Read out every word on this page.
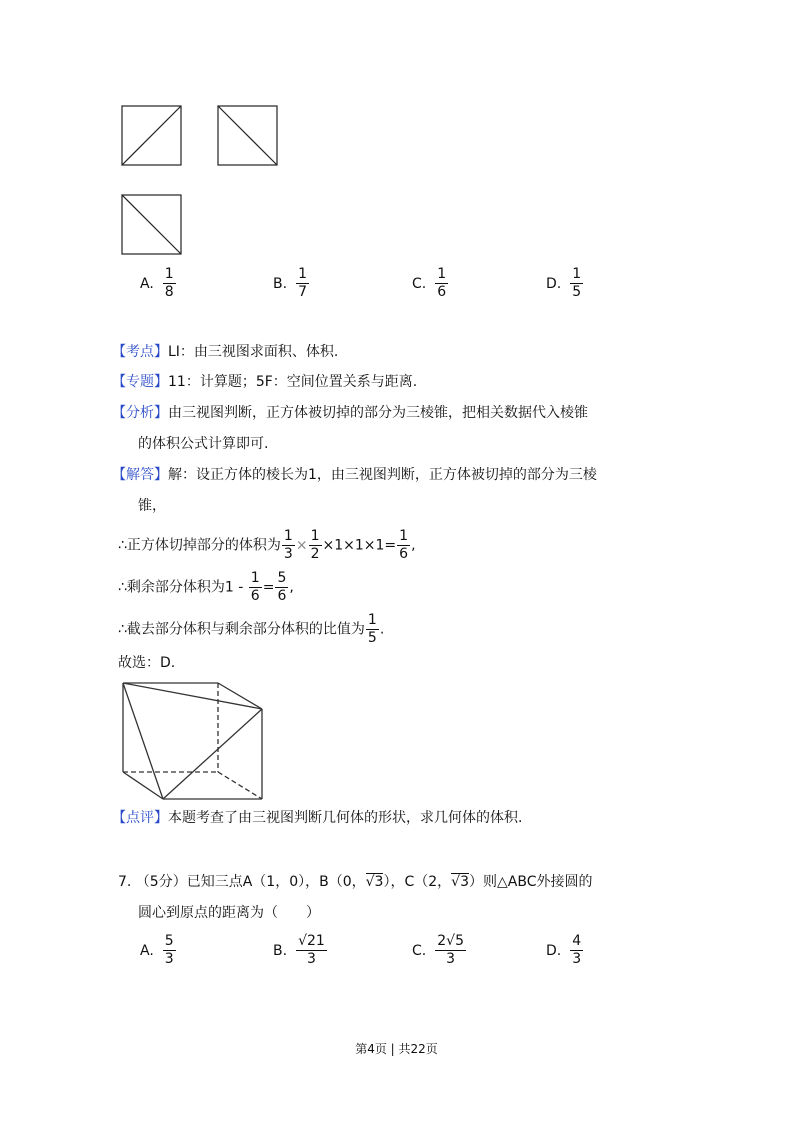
A. $\frac{1}{8}$	B. $\frac{1}{7}$	C. $\frac{1}{6}$	D. $\frac{1}{5}$
【考点】LI：由三视图求面积、体积.
【专题】11：计算题；5F：空间位置关系与距离.
【分析】由三视图判断，正方体被切掉的部分为三棱锥，把相关数据代入棱锥
的体积公式计算即可.
【解答】解：设正方体的棱长为1，由三视图判断，正方体被切掉的部分为三棱
锥，
∴正方体切掉部分的体积为 $\frac{1}{3} \times \frac{1}{2} \times 1\times 1\times 1= \frac{1}{6}$ ,
∴剩余部分体积为$1 - \frac{1}{6} = \frac{5}{6}$ ,
∴截去部分体积与剩余部分体积的比值为 $\frac{1}{5}$ .
故选：D.
【点评】本题考查了由三视图判断几何体的形状，求几何体的体积.
7. （5分）已知三点A（1，0），B（0，√3），C（2，√3）则△ABC外接圆的
圆心到原点的距离为（　　）
A. $\frac{5}{3}$	B. $\frac{√21}{3}$	C. $\frac{2√5}{3}$	D. $\frac{4}{3}$
第4页 | 共22页
